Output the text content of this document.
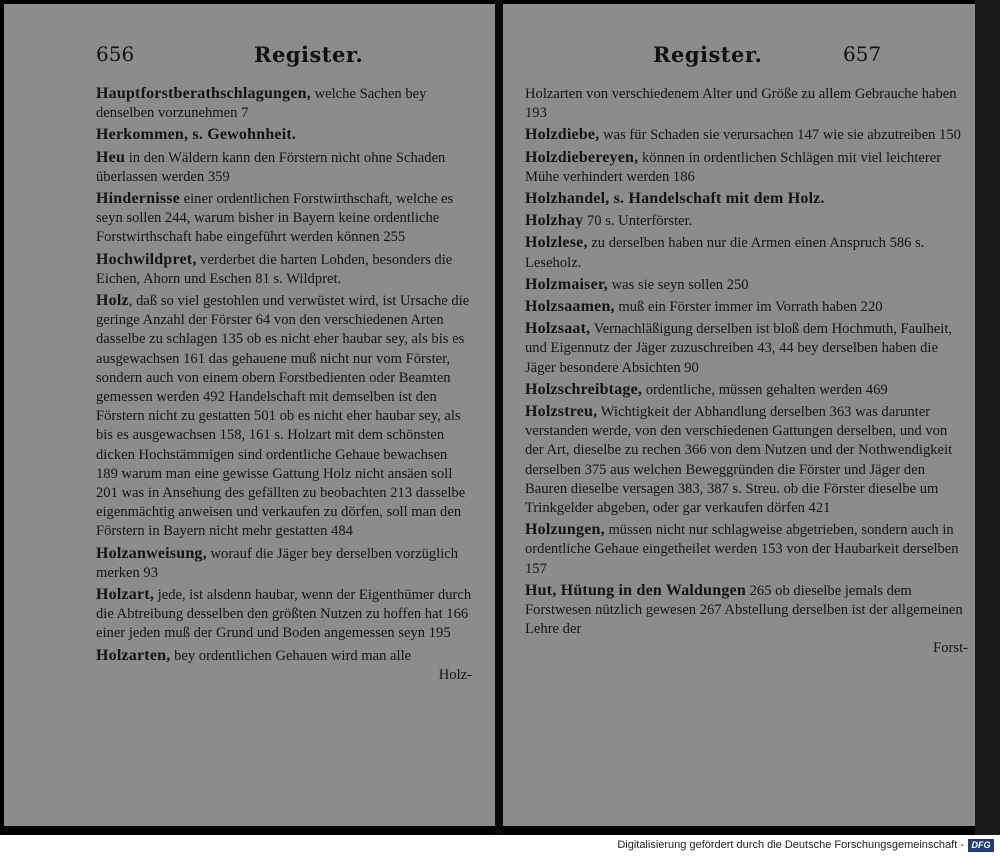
656	Register.
Hauptforstberathschlagungen, welche Sachen bey denselben vorzunehmen 7
Herkommen, s. Gewohnheit.
Heu in den Wäldern kann den Förstern nicht ohne Schaden überlassen werden 359
Hindernisse einer ordentlichen Forstwirthschaft, welche es seyn sollen 244, warum bisher in Bayern keine ordentliche Forstwirthschaft habe eingeführt werden können 255
Hochwildpret, verderbet die harten Lohden, besonders die Eichen, Ahorn und Eschen 81 s. Wildpret.
Holz, daß so viel gestohlen und verwüstet wird, ist Ursache die geringe Anzahl der Förster 64 von den verschiedenen Arten dasselbe zu schlagen 135 ob es nicht eher haubar sey, als bis es ausgewachsen 161 das gehauene muß nicht nur vom Förster, sondern auch von einem obern Forstbedienten oder Beamten gemessen werden 492 Handelschaft mit demselben ist den Förstern nicht zu gestatten 501 ob es nicht eher haubar sey, als bis es ausgewachsen 158, 161 s. Holzart mit dem schönsten dicken Hochstämmigen sind ordentliche Gehaue bewachsen 189 warum man eine gewisse Gattung Holz nicht ansäen soll 201 was in Ansehung des gefällten zu beobachten 213 dasselbe eigenmächtig anweisen und verkaufen zu dörfen, soll man den Förstern in Bayern nicht mehr gestatten 484
Holzanweisung, worauf die Jäger bey derselben vorzüglich merken 93
Holzart, jede, ist alsdenn haubar, wenn der Eigenthümer durch die Abtreibung desselben den größten Nutzen zu hoffen hat 166 einer jeden muß der Grund und Boden angemessen seyn 195
Holzarten, bey ordentlichen Gehauen wird man alle
Holz-
Register.	657
Holzarten von verschiedenem Alter und Größe zu allem Gebrauche haben 193
Holzdiebe, was für Schaden sie verursachen 147 wie sie abzutreiben 150
Holzdiebereyen, können in ordentlichen Schlägen mit viel leichterer Mühe verhindert werden 186
Holzhandel, s. Handelschaft mit dem Holz.
Holzhay 70 s. Unterförster.
Holzlese, zu derselben haben nur die Armen einen Anspruch 586 s. Leseholz.
Holzmaiser, was sie seyn sollen 250
Holzsaamen, muß ein Förster immer im Vorrath haben 220
Holzsaat, Vernachläßigung derselben ist bloß dem Hochmuth, Faulheit, und Eigennutz der Jäger zuzuschreiben 43, 44 bey derselben haben die Jäger besondere Absichten 90
Holzschreibtage, ordentliche, müssen gehalten werden 469
Holzstreu, Wichtigkeit der Abhandlung derselben 363 was darunter verstanden werde, von den verschiedenen Gattungen derselben, und von der Art, dieselbe zu rechen 366 von dem Nutzen und der Nothwendigkeit derselben 375 aus welchen Beweggründen die Förster und Jäger den Bauren dieselbe versagen 383, 387 s. Streu. ob die Förster dieselbe um Trinkgelder abgeben, oder gar verkaufen dörfen 421
Holzungen, müssen nicht nur schlagweise abgetrieben, sondern auch in ordentliche Gehaue eingetheilet werden 153 von der Haubarkeit derselben 157
Hut, Hütung in den Waldungen 265 ob dieselbe jemals dem Forstwesen nützlich gewesen 267 Abstellung derselben ist der allgemeinen Lehre der
Forst-
Digitalisierung gefördert durch die Deutsche Forschungsgemeinschaft - DFG
